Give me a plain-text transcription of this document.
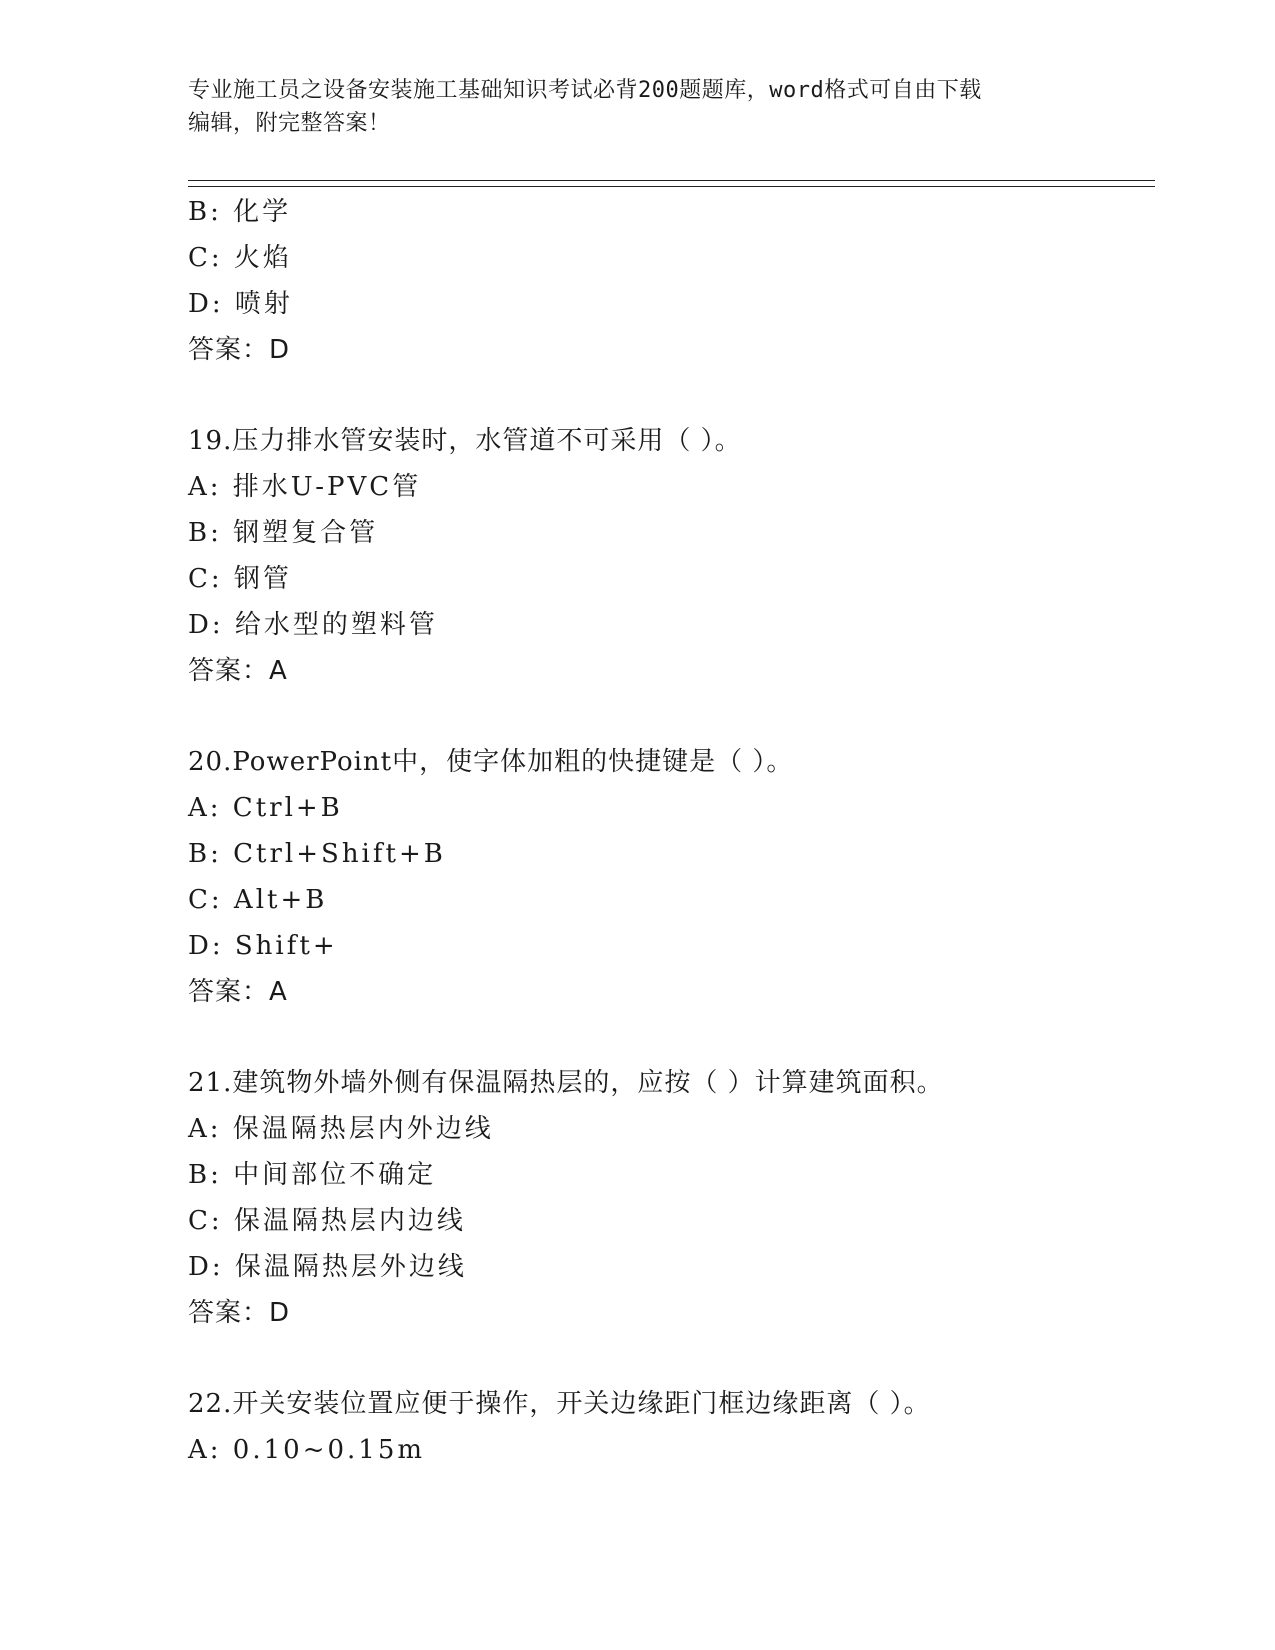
专业施工员之设备安装施工基础知识考试必背200题题库，word格式可自由下载
编辑，附完整答案！
B: 化学
C: 火焰
D: 喷射
答案：D
19.压力排水管安装时，水管道不可采用（ ）。
A: 排水U-PVC管
B: 钢塑复合管
C: 钢管
D: 给水型的塑料管
答案：A
20.PowerPoint中，使字体加粗的快捷键是（ ）。
A: Ctrl+B
B: Ctrl+Shift+B
C: Alt+B
D: Shift+
答案：A
21.建筑物外墙外侧有保温隔热层的，应按（ ）计算建筑面积。
A: 保温隔热层内外边线
B: 中间部位不确定
C: 保温隔热层内边线
D: 保温隔热层外边线
答案：D
22.开关安装位置应便于操作，开关边缘距门框边缘距离（ ）。
A: 0.10~0.15m
